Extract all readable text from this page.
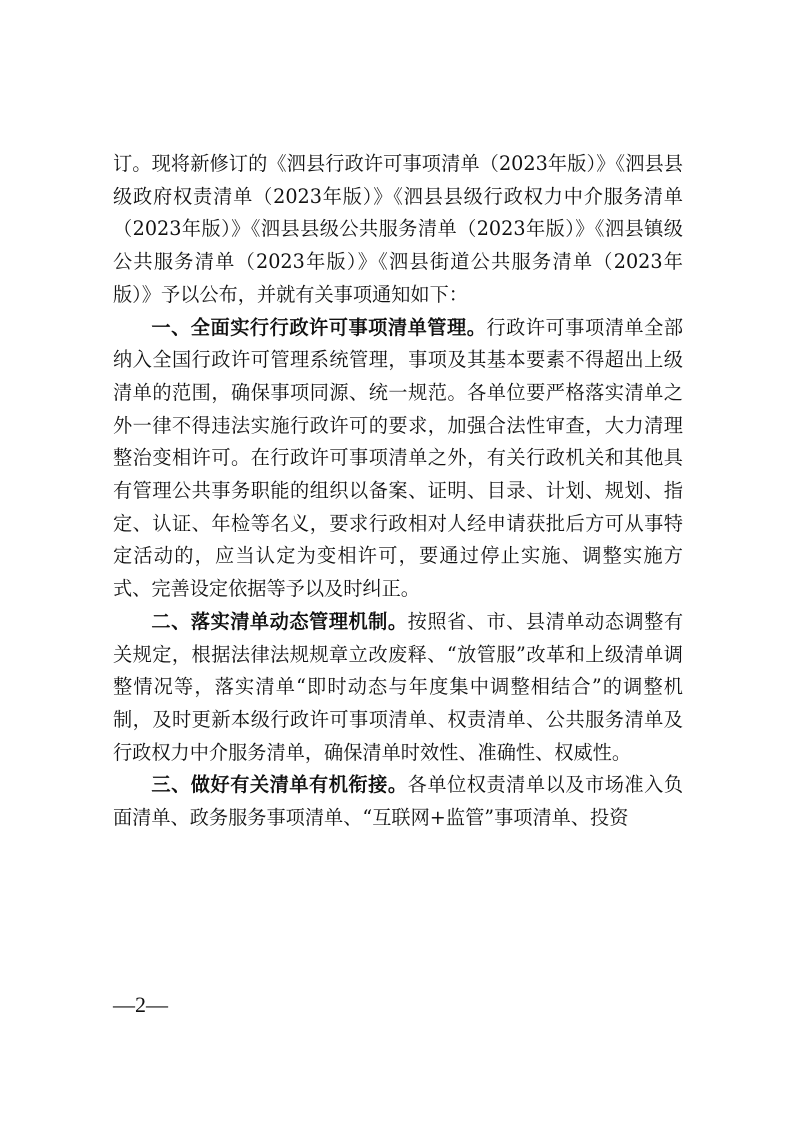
订。现将新修订的《泗县行政许可事项清单（2023年版）》《泗县县级政府权责清单（2023年版）》《泗县县级行政权力中介服务清单（2023年版）》《泗县县级公共服务清单（2023年版）》《泗县镇级公共服务清单（2023年版）》《泗县街道公共服务清单（2023年版）》予以公布，并就有关事项通知如下：

一、全面实行行政许可事项清单管理。行政许可事项清单全部纳入全国行政许可管理系统管理，事项及其基本要素不得超出上级清单的范围，确保事项同源、统一规范。各单位要严格落实清单之外一律不得违法实施行政许可的要求，加强合法性审查，大力清理整治变相许可。在行政许可事项清单之外，有关行政机关和其他具有管理公共事务职能的组织以备案、证明、目录、计划、规划、指定、认证、年检等名义，要求行政相对人经申请获批后方可从事特定活动的，应当认定为变相许可，要通过停止实施、调整实施方式、完善设定依据等予以及时纠正。

二、落实清单动态管理机制。按照省、市、县清单动态调整有关规定，根据法律法规规章立改废释、“放管服”改革和上级清单调整情况等，落实清单“即时动态与年度集中调整相结合”的调整机制，及时更新本级行政许可事项清单、权责清单、公共服务清单及行政权力中介服务清单，确保清单时效性、准确性、权威性。

三、做好有关清单有机衔接。各单位权责清单以及市场准入负面清单、政务服务事项清单、“互联网+监管”事项清单、投资

—2—
